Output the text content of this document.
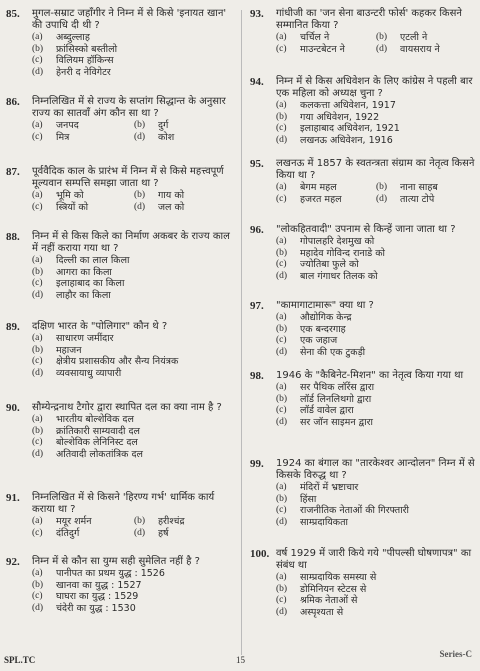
85.	मुगल-सम्राट जहाँगीर ने निम्न में से किसे 'इनायत खान' की उपाधि दी थी ?
(a)	अब्दुल्लाह
(b)	फ्रांसिस्को बस्तीलो
(c)	विलियम हॉकिन्स
(d)	हेनरी द नेविगेटर
86.	निम्नलिखित में से राज्य के सप्तांग सिद्धान्त के अनुसार राज्य का सातवाँ अंग कौन सा था ?
(a)	जनपद	(b)	दुर्ग
(c)	मित्र	(d)	कोश
87.	पूर्ववैदिक काल के प्रारंभ में निम्न में से किसे महत्त्वपूर्ण मूल्यवान सम्पत्ति समझा जाता था ?
(a)	भूमि को	(b)	गाय को
(c)	स्त्रियों को	(d)	जल को
88.	निम्न में से किस किले का निर्माण अकबर के राज्य काल में नहीं कराया गया था ?
(a)	दिल्ली का लाल किला
(b)	आगरा का किला
(c)	इलाहाबाद का किला
(d)	लाहौर का किला
89.	दक्षिण भारत के "पोलिगार" कौन थे ?
(a)	साधारण जमींदार
(b)	महाजन
(c)	क्षेत्रीय प्रशासकीय और सैन्य नियंत्रक
(d)	व्यवसायाधु व्यापारी
90.	सौम्येन्द्रनाथ टैगोर द्वारा स्थापित दल का क्या नाम है ?
(a)	भारतीय बोल्शेविक दल
(b)	क्रांतिकारी साम्यवादी दल
(c)	बोल्शेविक लेनिनिस्ट दल
(d)	अतिवादी लोकतांत्रिक दल
91.	निम्नलिखित में से किसने 'हिरण्य गर्भ' धार्मिक कार्य कराया था ?
(a)	मयूर शर्मन	(b)	हरीश्चंद्र
(c)	दंतिदुर्ग	(d)	हर्ष
92.	निम्न में से कौन सा युग्म सही सुमेलित नहीं है ?
(a)	पानीपत का प्रथम युद्ध : 1526
(b)	खानवा का युद्ध : 1527
(c)	घाघरा का युद्ध : 1529
(d)	चंदेरी का युद्ध : 1530
93.	गांधीजी का 'जन सेना बाउन्टरी फोर्स' कहकर किसने सम्मानित किया ?
(a)	चर्चिल ने	(b)	एटली ने
(c)	माउन्टबेटन ने	(d)	वायसराय ने
94.	निम्न में से किस अधिवेशन के लिए कांग्रेस ने पहली बार एक महिला को अध्यक्ष चुना ?
(a)	कलकत्ता अधिवेशन, 1917
(b)	गया अधिवेशन, 1922
(c)	इलाहाबाद अधिवेशन, 1921
(d)	लखनऊ अधिवेशन, 1916
95.	लखनऊ में 1857 के स्वतन्त्रता संग्राम का नेतृत्व किसने किया था ?
(a)	बेगम महल	(b)	नाना साहब
(c)	हजरत महल	(d)	तात्या टोपे
96.	"लोकहितवादी" उपनाम से किन्हें जाना जाता था ?
(a)	गोपालहरि देशमुख को
(b)	महादेव गोविन्द रानाडे को
(c)	ज्योतिबा फुले को
(d)	बाल गंगाधर तिलक को
97.	"कामागाटामारू" क्या था ?
(a)	औद्योगिक केन्द्र
(b)	एक बन्दरगाह
(c)	एक जहाज
(d)	सेना की एक टुकड़ी
98.	1946 के "कैबिनेट-मिशन" का नेतृत्व किया गया था
(a)	सर पैथिक लॉरेंस द्वारा
(b)	लॉर्ड लिनलिथगो द्वारा
(c)	लॉर्ड वावेल द्वारा
(d)	सर जॉन साइमन द्वारा
99.	1924 का बंगाल का "तारकेश्वर आन्दोलन" निम्न में से किसके विरुद्ध था ?
(a)	मंदिरों में भ्रष्टाचार
(b)	हिंसा
(c)	राजनीतिक नेताओं की गिरफ्तारी
(d)	साम्प्रदायिकता
100. वर्ष 1929 में जारी किये गये "पीपल्सी घोषणापत्र" का संबंध था
(a)	साम्प्रदायिक समस्या से
(b)	डोमिनियन स्टेटस से
(c)	श्रमिक नेताओं से
(d)	अस्पृश्यता से
SPL.TC	15
Series-C
